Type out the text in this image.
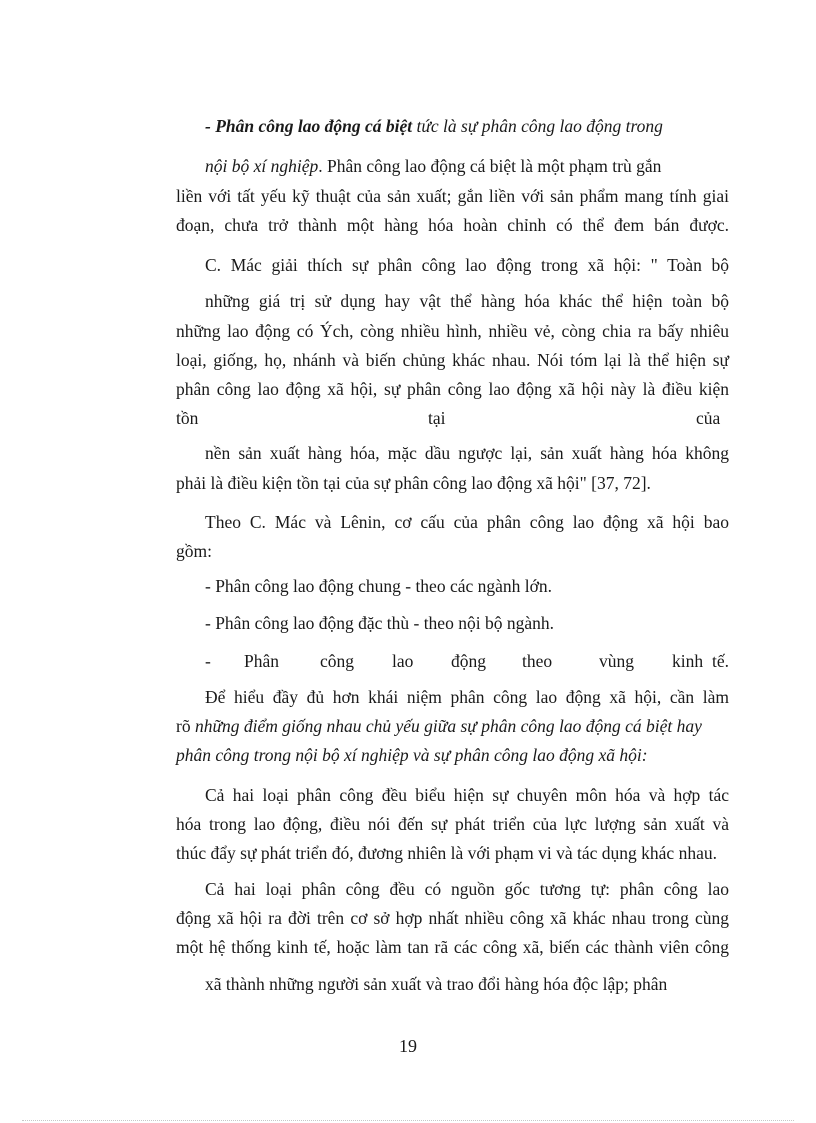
- Phân công lao động cá biệt tức là sự phân công lao động trong
nội bộ xí nghiệp. Phân công lao động cá biệt là một phạm trù gắn
liền với tất yếu kỹ thuật của sản xuất; gắn liền với sản phẩm mang tính giai
đoạn, chưa trở thành một hàng hóa hoàn chỉnh có thể đem bán được.
C. Mác giải thích sự phân công lao động trong xã hội: " Toàn bộ
những giá trị sử dụng hay vật thể hàng hóa khác thể hiện toàn bộ
những lao động có Ých, còng nhiều hình, nhiều vẻ, còng chia ra bấy nhiêu
loại, giống, họ, nhánh và biến chủng khác nhau. Nói tóm lại là thể hiện sự
phân công lao động xã hội, sự phân công lao động xã hội này là điều kiện
tồn	tại	của
nền sản xuất hàng hóa, mặc dầu ngược lại, sản xuất hàng hóa không
phải là điều kiện tồn tại của sự phân công lao động xã hội" [37, 72].
Theo C. Mác và Lênin, cơ cấu của phân công lao động xã hội bao
gồm:
- Phân công lao động chung - theo các ngành lớn.
- Phân công lao động đặc thù - theo nội bộ ngành.
- Phân công lao động theo	vùng kinh tế.
Để hiểu đầy đủ hơn khái niệm phân công lao động xã hội, cần làm
rõ những điểm giống nhau chủ yếu giữa sự phân công lao động cá biệt hay
phân công trong nội bộ xí nghiệp và sự phân công lao động xã hội:
Cả hai loại phân công đều biểu hiện sự chuyên môn hóa và hợp tác
hóa trong lao động, điều nói đến sự phát triển của lực lượng sản xuất và
thúc đẩy sự phát triển đó, đương nhiên là với phạm vi và tác dụng khác nhau.
Cả hai loại phân công đều có nguồn gốc tương tự: phân công lao
động xã hội ra đời trên cơ sở hợp nhất nhiều công xã khác nhau trong cùng
một hệ thống kinh tế, hoặc làm tan rã các công xã, biến các thành viên công
xã thành những người sản xuất và trao đổi hàng hóa độc lập; phân
19
